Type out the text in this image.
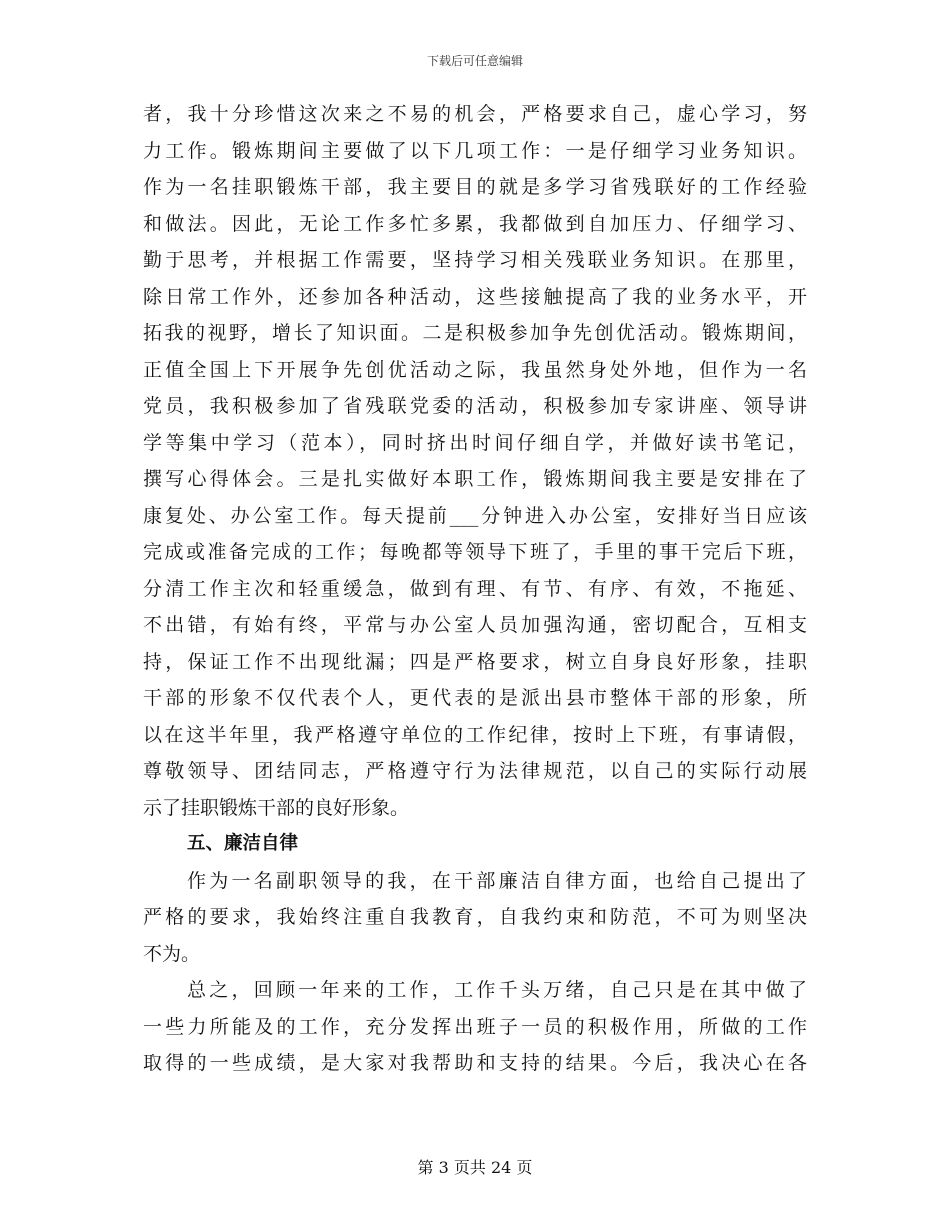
下载后可任意编辑
者，我十分珍惜这次来之不易的机会，严格要求自己，虚心学习，努
力工作。锻炼期间主要做了以下几项工作：一是仔细学习业务知识。
作为一名挂职锻炼干部，我主要目的就是多学习省残联好的工作经验
和做法。因此，无论工作多忙多累，我都做到自加压力、仔细学习、
勤于思考，并根据工作需要，坚持学习相关残联业务知识。在那里，
除日常工作外，还参加各种活动，这些接触提高了我的业务水平，开
拓我的视野，增长了知识面。二是积极参加争先创优活动。锻炼期间，
正值全国上下开展争先创优活动之际，我虽然身处外地，但作为一名
党员，我积极参加了省残联党委的活动，积极参加专家讲座、领导讲
学等集中学习（范本），同时挤出时间仔细自学，并做好读书笔记，
撰写心得体会。三是扎实做好本职工作，锻炼期间我主要是安排在了
康复处、办公室工作。每天提前___分钟进入办公室，安排好当日应该
完成或准备完成的工作；每晚都等领导下班了，手里的事干完后下班，
分清工作主次和轻重缓急，做到有理、有节、有序、有效，不拖延、
不出错，有始有终，平常与办公室人员加强沟通，密切配合，互相支
持，保证工作不出现纰漏；四是严格要求，树立自身良好形象，挂职
干部的形象不仅代表个人，更代表的是派出县市整体干部的形象，所
以在这半年里，我严格遵守单位的工作纪律，按时上下班，有事请假，
尊敬领导、团结同志，严格遵守行为法律规范，以自己的实际行动展
示了挂职锻炼干部的良好形象。
五、廉洁自律
作为一名副职领导的我，在干部廉洁自律方面，也给自己提出了
严格的要求，我始终注重自我教育，自我约束和防范，不可为则坚决
不为。
总之，回顾一年来的工作，工作千头万绪，自己只是在其中做了
一些力所能及的工作，充分发挥出班子一员的积极作用，所做的工作
取得的一些成绩，是大家对我帮助和支持的结果。今后，我决心在各
第 3 页共 24 页
